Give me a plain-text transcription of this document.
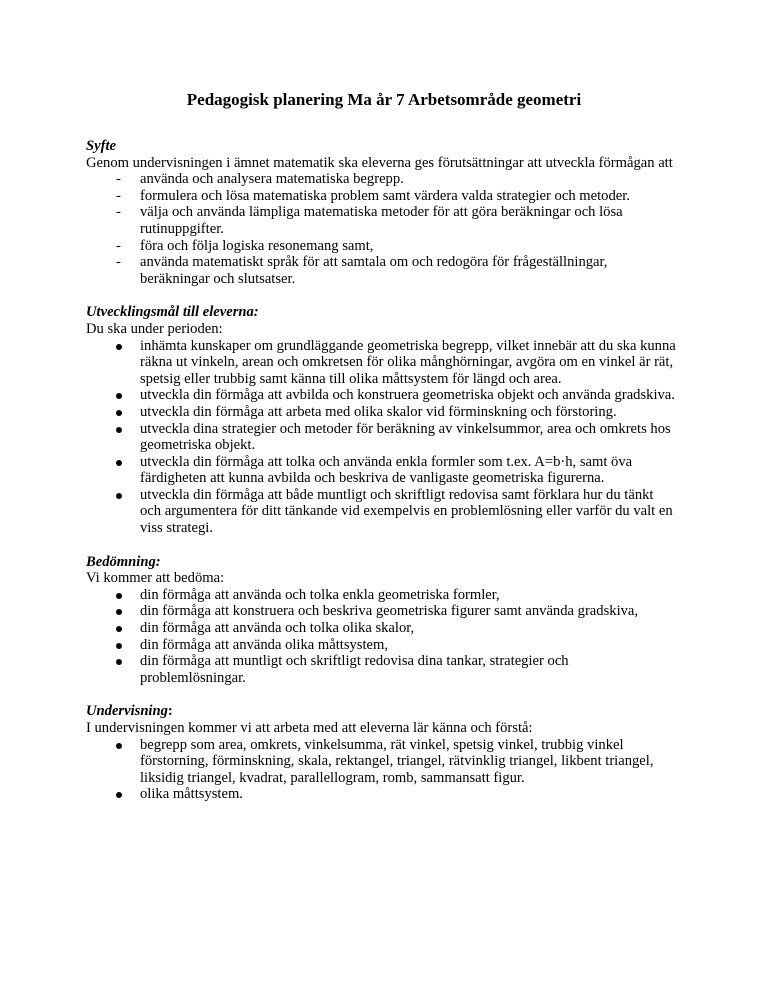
Pedagogisk planering Ma år 7 Arbetsområde geometri

Syfte

Genom undervisningen i ämnet matematik ska eleverna ges förutsättningar att utveckla förmågan att

- använda och analysera matematiska begrepp.
- formulera och lösa matematiska problem samt värdera valda strategier och metoder.
- välja och använda lämpliga matematiska metoder för att göra beräkningar och lösa rutinuppgifter.
- föra och följa logiska resonemang samt,
- använda matematiskt språk för att samtala om och redogöra för frågeställningar, beräkningar och slutsatser.

Utvecklingsmål till eleverna:

Du ska under perioden:

inhämta kunskaper om grundläggande geometriska begrepp, vilket innebär att du ska kunna räkna ut vinkeln, arean och omkretsen för olika månghörningar, avgöra om en vinkel är rät, spetsig eller trubbig samt känna till olika måttsystem för längd och area.
utveckla din förmåga att avbilda och konstruera geometriska objekt och använda gradskiva.
utveckla din förmåga att arbeta med olika skalor vid förminskning och förstoring.
utveckla dina strategier och metoder för beräkning av vinkelsummor, area och omkrets hos geometriska objekt.
utveckla din förmåga att tolka och använda enkla formler som t.ex. A=b·h, samt öva färdigheten att kunna avbilda och beskriva de vanligaste geometriska figurerna.
utveckla din förmåga att både muntligt och skriftligt redovisa samt förklara hur du tänkt och argumentera för ditt tänkande vid exempelvis en problemlösning eller varför du valt en viss strategi.

Bedömning:

Vi kommer att bedöma:

din förmåga att använda och tolka enkla geometriska formler,
din förmåga att konstruera och beskriva geometriska figurer samt använda gradskiva,
din förmåga att använda och tolka olika skalor,
din förmåga att använda olika måttsystem,
din förmåga att muntligt och skriftligt redovisa dina tankar, strategier och problemlösningar.

Undervisning:

I undervisningen kommer vi att arbeta med att eleverna lär känna och förstå:

begrepp som area, omkrets, vinkelsumma, rät vinkel, spetsig vinkel, trubbig vinkel förstorning, förminskning, skala, rektangel, triangel, rätvinklig triangel, likbent triangel, liksidig triangel, kvadrat, parallellogram, romb, sammansatt figur.
olika måttsystem.
